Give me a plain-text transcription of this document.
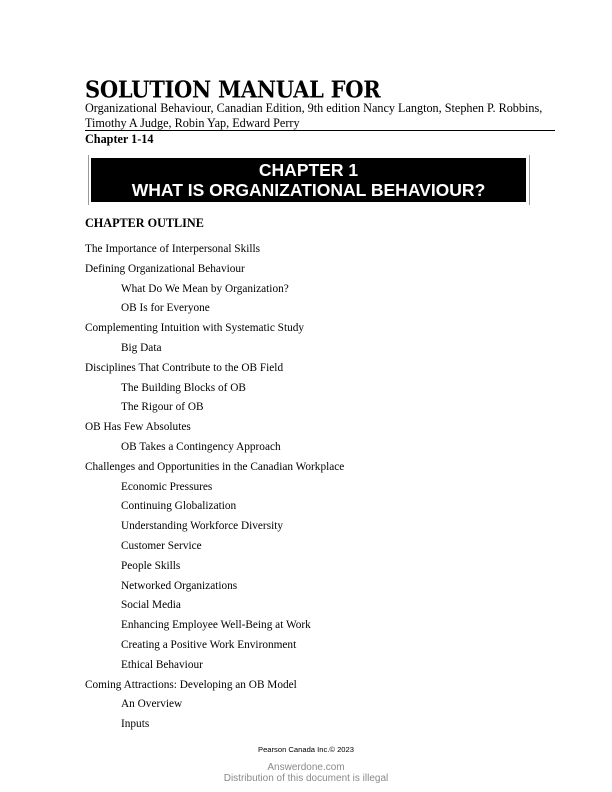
SOLUTION MANUAL FOR

Organizational Behaviour, Canadian Edition, 9th edition Nancy Langton, Stephen P. Robbins, Timothy A Judge, Robin Yap, Edward Perry

Chapter 1-14

CHAPTER 1
WHAT IS ORGANIZATIONAL BEHAVIOUR?

CHAPTER OUTLINE

The Importance of Interpersonal Skills
Defining Organizational Behaviour
What Do We Mean by Organization?
OB Is for Everyone
Complementing Intuition with Systematic Study
Big Data
Disciplines That Contribute to the OB Field
The Building Blocks of OB
The Rigour of OB
OB Has Few Absolutes
OB Takes a Contingency Approach
Challenges and Opportunities in the Canadian Workplace
Economic Pressures
Continuing Globalization
Understanding Workforce Diversity
Customer Service
People Skills
Networked Organizations
Social Media
Enhancing Employee Well-Being at Work
Creating a Positive Work Environment
Ethical Behaviour
Coming Attractions: Developing an OB Model
An Overview
Inputs
Pearson Canada Inc.© 2023
Answerdone.com
Distribution of this document is illegal
